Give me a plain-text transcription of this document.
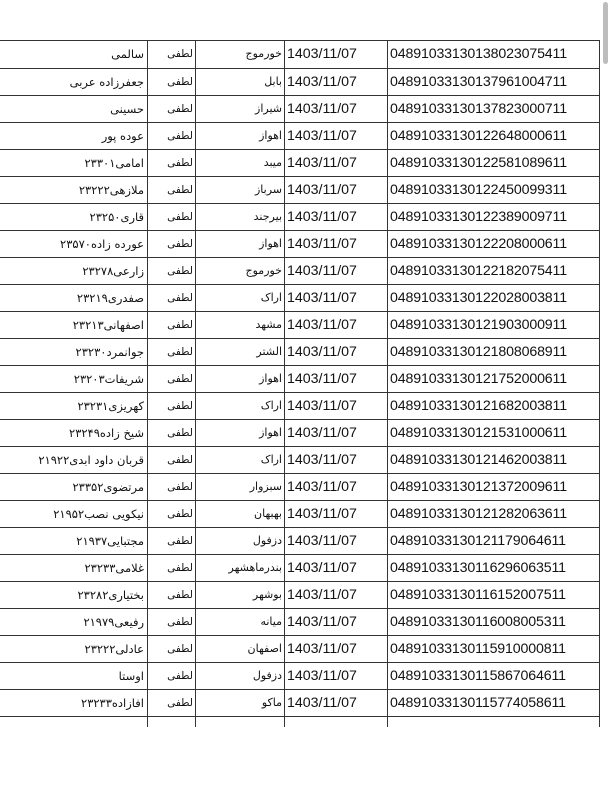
04891033130138023075411
1403/11/07
خورموج
لطفی
سالمی
04891033130137961004711
1403/11/07
بابل
لطفی
جعفرزاده عربی
04891033130137823000711
1403/11/07
شیراز
لطفی
حسینی
04891033130122648000611
1403/11/07
اهواز
لطفی
عوده پور
04891033130122581089611
1403/11/07
میبد
لطفی
امامی۲۳۳۰۱
04891033130122450099311
1403/11/07
سرباز
لطفی
ملازهی۲۳۲۲۲
04891033130122389009711
1403/11/07
بیرجند
لطفی
قاری۲۳۲۵۰
04891033130122208000611
1403/11/07
اهواز
لطفی
عورده زاده۲۳۵۷۰
04891033130122182075411
1403/11/07
خورموج
لطفی
زارعی۲۳۲۷۸
04891033130122028003811
1403/11/07
اراک
لطفی
صفدری۲۳۲۱۹
04891033130121903000911
1403/11/07
مشهد
لطفی
اصفهانی۲۳۲۱۳
04891033130121808068911
1403/11/07
الشتر
لطفی
جوانمرد۲۳۲۳۰
04891033130121752000611
1403/11/07
اهواز
لطفی
شریفات۲۳۲۰۳
04891033130121682003811
1403/11/07
اراک
لطفی
کهریزی۲۳۲۳۱
04891033130121531000611
1403/11/07
اهواز
لطفی
شیخ زاده۲۳۲۴۹
04891033130121462003811
1403/11/07
اراک
لطفی
قربان داود ابدی۲۱۹۲۲
04891033130121372009611
1403/11/07
سبزوار
لطفی
مرتضوی۲۳۳۵۲
04891033130121282063611
1403/11/07
بهبهان
لطفی
نیکویی نصب۲۱۹۵۲
04891033130121179064611
1403/11/07
دزفول
لطفی
مجتبایی۲۱۹۳۷
04891033130116296063511
1403/11/07
بندرماهشهر
لطفی
غلامی۲۳۲۳۳
04891033130116152007511
1403/11/07
بوشهر
لطفی
بختیاری۲۳۲۸۲
04891033130116008005311
1403/11/07
میانه
لطفی
رفیعی۲۱۹۷۹
04891033130115910000811
1403/11/07
اصفهان
لطفی
عادلی۲۳۲۲۲
04891033130115867064611
1403/11/07
دزفول
لطفی
اوستا
04891033130115774058611
1403/11/07
ماکو
لطفی
افازاده۲۳۲۳۳
